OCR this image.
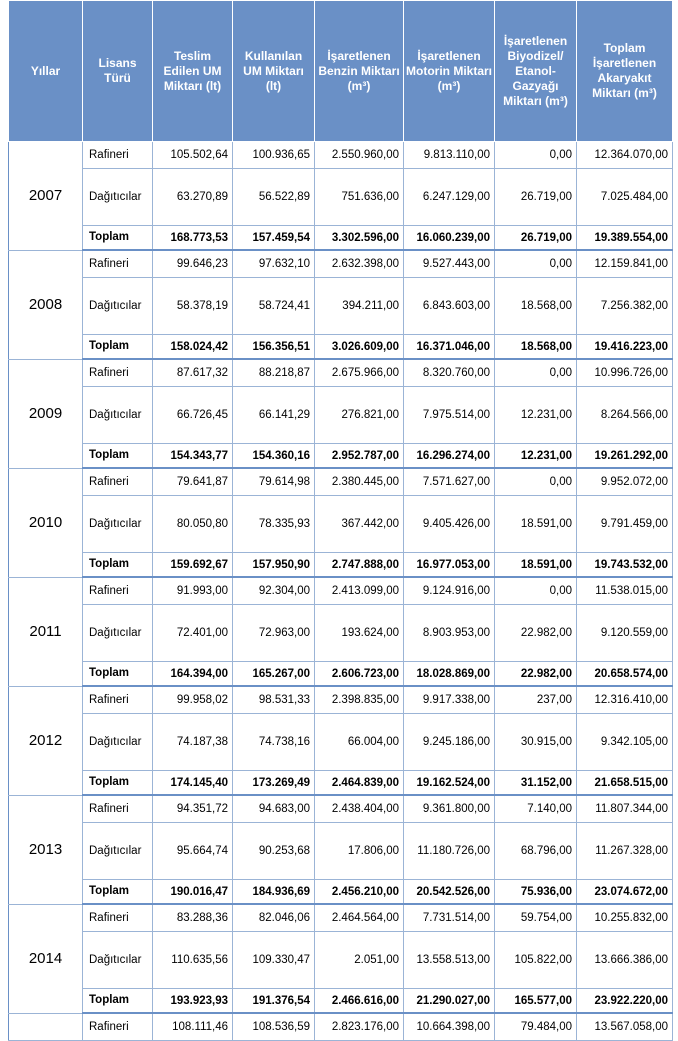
Yıllar	Lisans Türü	Teslim Edilen UM Miktarı (lt)	Kullanılan UM Miktarı (lt)	İşaretlenen Benzin Miktarı (m³)	İşaretlenen Motorin Miktarı (m³)	İşaretlenen Biyodizel/ Etanol-Gazyağı Miktarı (m³)	Toplam İşaretlenen Akaryakıt Miktarı (m³)
2007	Rafineri	105.502,64	100.936,65	2.550.960,00	9.813.110,00	0,00	12.364.070,00
	Dağıtıcılar	63.270,89	56.522,89	751.636,00	6.247.129,00	26.719,00	7.025.484,00
	Toplam	168.773,53	157.459,54	3.302.596,00	16.060.239,00	26.719,00	19.389.554,00
2008	Rafineri	99.646,23	97.632,10	2.632.398,00	9.527.443,00	0,00	12.159.841,00
	Dağıtıcılar	58.378,19	58.724,41	394.211,00	6.843.603,00	18.568,00	7.256.382,00
	Toplam	158.024,42	156.356,51	3.026.609,00	16.371.046,00	18.568,00	19.416.223,00
2009	Rafineri	87.617,32	88.218,87	2.675.966,00	8.320.760,00	0,00	10.996.726,00
	Dağıtıcılar	66.726,45	66.141,29	276.821,00	7.975.514,00	12.231,00	8.264.566,00
	Toplam	154.343,77	154.360,16	2.952.787,00	16.296.274,00	12.231,00	19.261.292,00
2010	Rafineri	79.641,87	79.614,98	2.380.445,00	7.571.627,00	0,00	9.952.072,00
	Dağıtıcılar	80.050,80	78.335,93	367.442,00	9.405.426,00	18.591,00	9.791.459,00
	Toplam	159.692,67	157.950,90	2.747.888,00	16.977.053,00	18.591,00	19.743.532,00
2011	Rafineri	91.993,00	92.304,00	2.413.099,00	9.124.916,00	0,00	11.538.015,00
	Dağıtıcılar	72.401,00	72.963,00	193.624,00	8.903.953,00	22.982,00	9.120.559,00
	Toplam	164.394,00	165.267,00	2.606.723,00	18.028.869,00	22.982,00	20.658.574,00
2012	Rafineri	99.958,02	98.531,33	2.398.835,00	9.917.338,00	237,00	12.316.410,00
	Dağıtıcılar	74.187,38	74.738,16	66.004,00	9.245.186,00	30.915,00	9.342.105,00
	Toplam	174.145,40	173.269,49	2.464.839,00	19.162.524,00	31.152,00	21.658.515,00
2013	Rafineri	94.351,72	94.683,00	2.438.404,00	9.361.800,00	7.140,00	11.807.344,00
	Dağıtıcılar	95.664,74	90.253,68	17.806,00	11.180.726,00	68.796,00	11.267.328,00
	Toplam	190.016,47	184.936,69	2.456.210,00	20.542.526,00	75.936,00	23.074.672,00
2014	Rafineri	83.288,36	82.046,06	2.464.564,00	7.731.514,00	59.754,00	10.255.832,00
	Dağıtıcılar	110.635,56	109.330,47	2.051,00	13.558.513,00	105.822,00	13.666.386,00
	Toplam	193.923,93	191.376,54	2.466.616,00	21.290.027,00	165.577,00	23.922.220,00
	Rafineri	108.111,46	108.536,59	2.823.176,00	10.664.398,00	79.484,00	13.567.058,00
